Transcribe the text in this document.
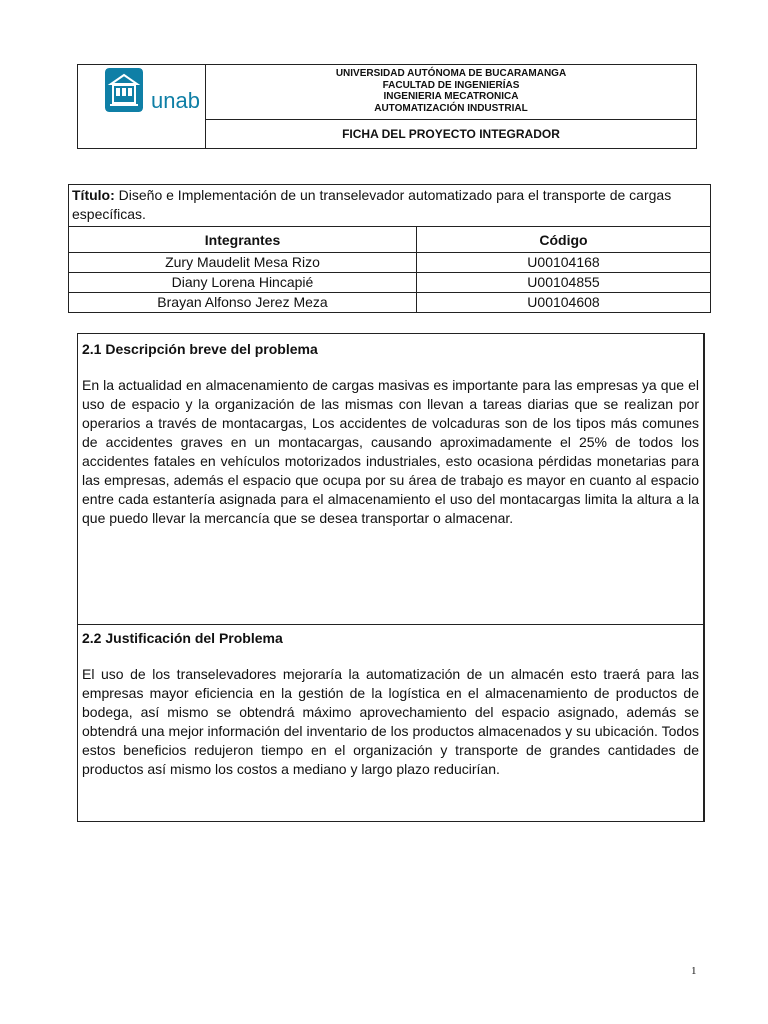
unab
UNIVERSIDAD AUTÓNOMA DE BUCARAMANGA
FACULTAD DE INGENIERÍAS
INGENIERIA MECATRONICA
AUTOMATIZACIÓN INDUSTRIAL
FICHA DEL PROYECTO INTEGRADOR
Título: Diseño e Implementación de un transelevador automatizado para el transporte de cargas específicas.	
Integrantes	Código
Zury Maudelit Mesa Rizo	U00104168
Diany Lorena Hincapié	U00104855
Brayan Alfonso Jerez Meza	U00104608

2.1 Descripción breve del problema

En la actualidad en almacenamiento de cargas masivas es importante para las empresas ya que el uso de espacio y la organización de las mismas con llevan a tareas diarias que se realizan por operarios a través de montacargas, Los accidentes de volcaduras son de los tipos más comunes de accidentes graves en un montacargas, causando aproximadamente el 25% de todos los accidentes fatales en vehículos motorizados industriales, esto ocasiona pérdidas monetarias para las empresas, además el espacio que ocupa por su área de trabajo es mayor en cuanto al espacio entre cada estantería asignada para el almacenamiento el uso del montacargas limita la altura a la que puedo llevar la mercancía que se desea transportar o almacenar.

2.2 Justificación del Problema

El uso de los transelevadores mejoraría la automatización de un almacén esto traerá para las empresas mayor eficiencia en la gestión de la logística en el almacenamiento de productos de bodega, así mismo se obtendrá máximo aprovechamiento del espacio asignado, además se obtendrá una mejor información del inventario de los productos almacenados y su ubicación. Todos estos beneficios redujeron tiempo en el organización y transporte de grandes cantidades de productos así mismo los costos a mediano y largo plazo reducirían.

1
